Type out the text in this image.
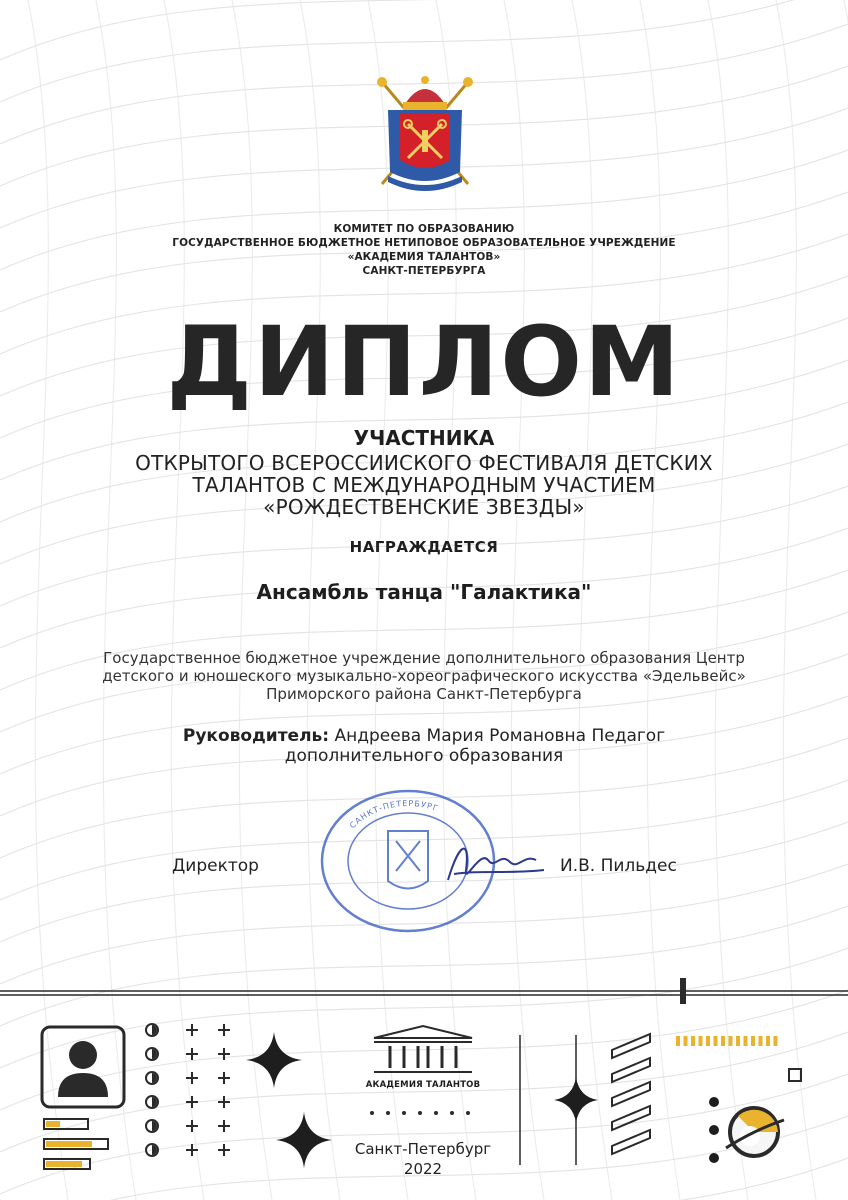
КОМИТЕТ ПО ОБРАЗОВАНИЮ
ГОСУДАРСТВЕННОЕ БЮДЖЕТНОЕ НЕТИПОВОЕ ОБРАЗОВАТЕЛЬНОЕ УЧРЕЖДЕНИЕ
«АКАДЕМИЯ ТАЛАНТОВ»
САНКТ-ПЕТЕРБУРГА
ДИПЛОМ
УЧАСТНИКА
ОТКРЫТОГО ВСЕРОССИИСКОГО ФЕСТИВАЛЯ ДЕТСКИХ
ТАЛАНТОВ С МЕЖДУНАРОДНЫМ УЧАСТИЕМ
«РОЖДЕСТВЕНСКИЕ ЗВЕЗДЫ»
НАГРАЖДАЕТСЯ
Ансамбль танца "Галактика"
Государственное бюджетное учреждение дополнительного образования Центр
детского и юношеского музыкально-хореографического искусства «Эдельвейс»
Приморского района Санкт-Петербурга
Руководитель: Андреева Мария Романовна Педагог
дополнительного образования
САНКТ-ПЕТЕРБУРГ
Директор	И.В. Пильдес
АКАДЕМИЯ ТАЛАНТОВ
Санкт-Петербург
2022
